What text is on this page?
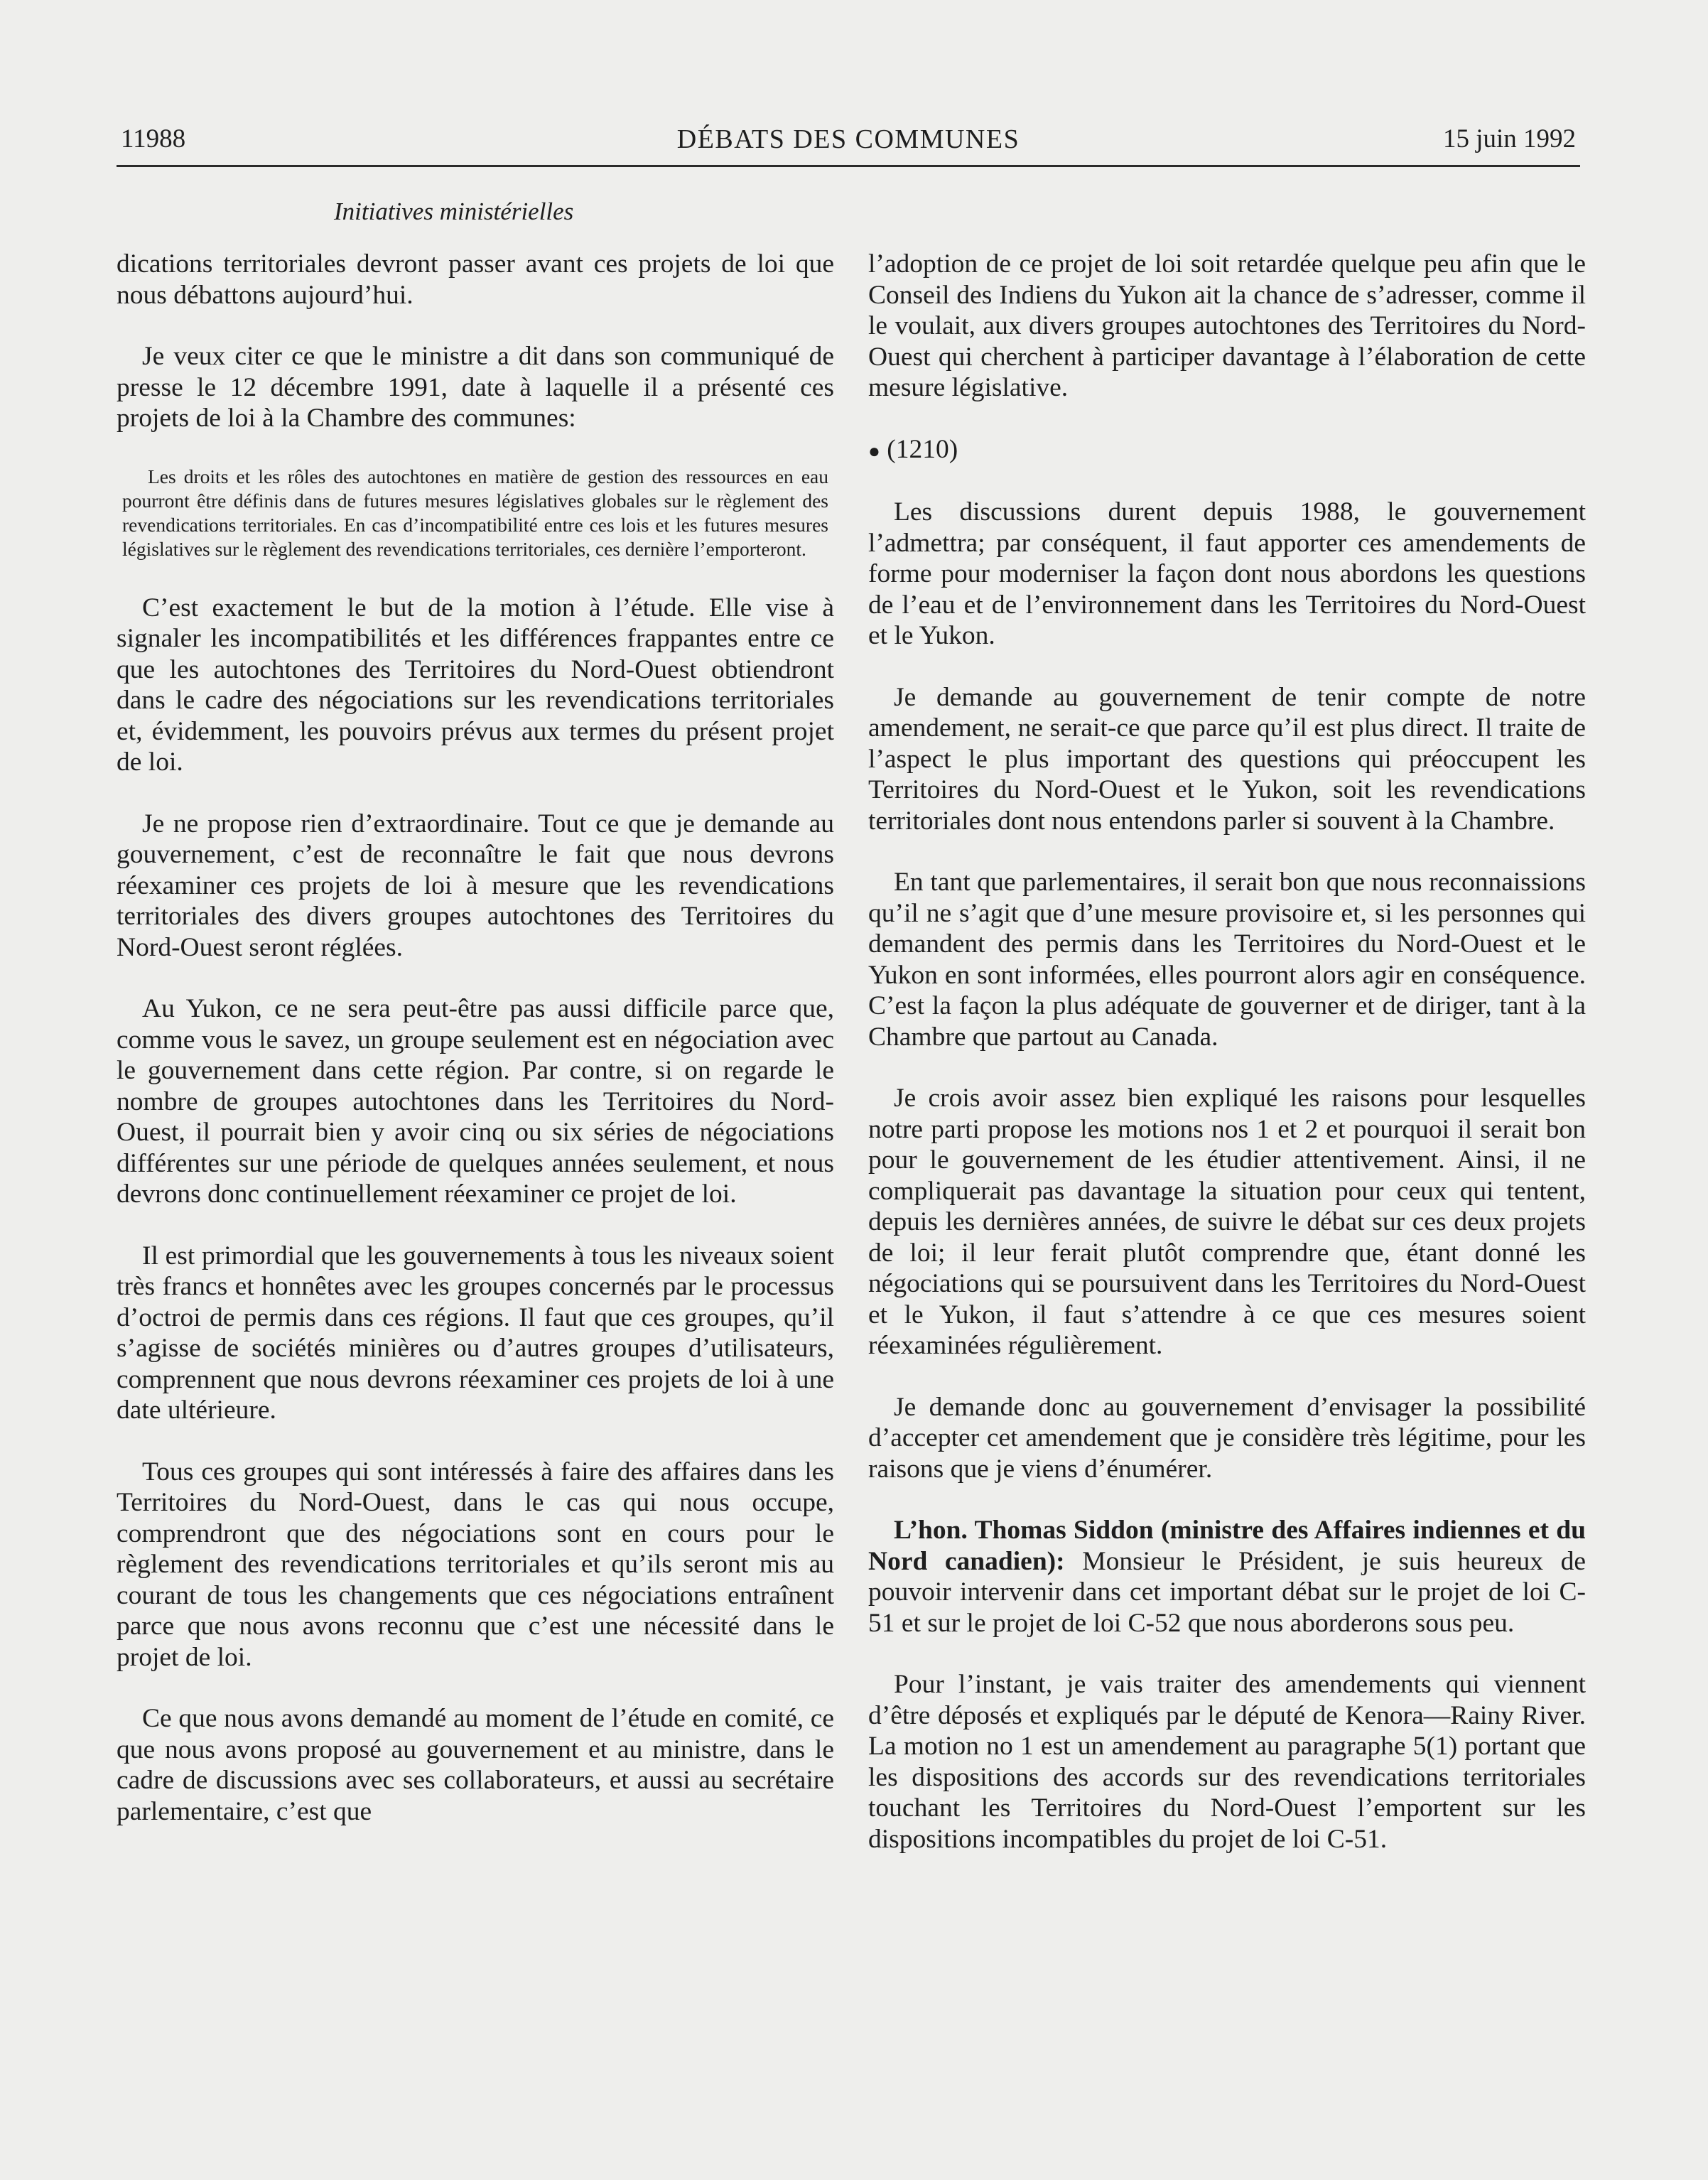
11988	DÉBATS DES COMMUNES	15 juin 1992
Initiatives ministérielles

dications territoriales devront passer avant ces projets de loi que nous débattons aujourd’hui.

Je veux citer ce que le ministre a dit dans son communiqué de presse le 12 décembre 1991, date à laquelle il a présenté ces projets de loi à la Chambre des communes:

Les droits et les rôles des autochtones en matière de gestion des ressources en eau pourront être définis dans de futures mesures législatives globales sur le règlement des revendications territoriales. En cas d’incompatibilité entre ces lois et les futures mesures législatives sur le règlement des revendications territoriales, ces dernière l’emporteront.

C’est exactement le but de la motion à l’étude. Elle vise à signaler les incompatibilités et les différences frappantes entre ce que les autochtones des Territoires du Nord-Ouest obtiendront dans le cadre des négociations sur les revendications territoriales et, évidemment, les pouvoirs prévus aux termes du présent projet de loi.

Je ne propose rien d’extraordinaire. Tout ce que je demande au gouvernement, c’est de reconnaître le fait que nous devrons réexaminer ces projets de loi à mesure que les revendications territoriales des divers groupes autochtones des Territoires du Nord-Ouest seront réglées.

Au Yukon, ce ne sera peut-être pas aussi difficile parce que, comme vous le savez, un groupe seulement est en négociation avec le gouvernement dans cette région. Par contre, si on regarde le nombre de groupes autochtones dans les Territoires du Nord-Ouest, il pourrait bien y avoir cinq ou six séries de négociations différentes sur une période de quelques années seulement, et nous devrons donc continuellement réexaminer ce projet de loi.

Il est primordial que les gouvernements à tous les niveaux soient très francs et honnêtes avec les groupes concernés par le processus d’octroi de permis dans ces régions. Il faut que ces groupes, qu’il s’agisse de sociétés minières ou d’autres groupes d’utilisateurs, comprennent que nous devrons réexaminer ces projets de loi à une date ultérieure.

Tous ces groupes qui sont intéressés à faire des affaires dans les Territoires du Nord-Ouest, dans le cas qui nous occupe, comprendront que des négociations sont en cours pour le règlement des revendications territoriales et qu’ils seront mis au courant de tous les changements que ces négociations entraînent parce que nous avons reconnu que c’est une nécessité dans le projet de loi.

Ce que nous avons demandé au moment de l’étude en comité, ce que nous avons proposé au gouvernement et au ministre, dans le cadre de discussions avec ses collaborateurs, et aussi au secrétaire parlementaire, c’est que

l’adoption de ce projet de loi soit retardée quelque peu afin que le Conseil des Indiens du Yukon ait la chance de s’adresser, comme il le voulait, aux divers groupes autochtones des Territoires du Nord-Ouest qui cherchent à participer davantage à l’élaboration de cette mesure législative.

● (1210)

Les discussions durent depuis 1988, le gouvernement l’admettra; par conséquent, il faut apporter ces amendements de forme pour moderniser la façon dont nous abordons les questions de l’eau et de l’environnement dans les Territoires du Nord-Ouest et le Yukon.

Je demande au gouvernement de tenir compte de notre amendement, ne serait-ce que parce qu’il est plus direct. Il traite de l’aspect le plus important des questions qui préoccupent les Territoires du Nord-Ouest et le Yukon, soit les revendications territoriales dont nous entendons parler si souvent à la Chambre.

En tant que parlementaires, il serait bon que nous reconnaissions qu’il ne s’agit que d’une mesure provisoire et, si les personnes qui demandent des permis dans les Territoires du Nord-Ouest et le Yukon en sont informées, elles pourront alors agir en conséquence. C’est la façon la plus adéquate de gouverner et de diriger, tant à la Chambre que partout au Canada.

Je crois avoir assez bien expliqué les raisons pour lesquelles notre parti propose les motions nos 1 et 2 et pourquoi il serait bon pour le gouvernement de les étudier attentivement. Ainsi, il ne compliquerait pas davantage la situation pour ceux qui tentent, depuis les dernières années, de suivre le débat sur ces deux projets de loi; il leur ferait plutôt comprendre que, étant donné les négociations qui se poursuivent dans les Territoires du Nord-Ouest et le Yukon, il faut s’attendre à ce que ces mesures soient réexaminées régulièrement.

Je demande donc au gouvernement d’envisager la possibilité d’accepter cet amendement que je considère très légitime, pour les raisons que je viens d’énumérer.

L’hon. Thomas Siddon (ministre des Affaires indiennes et du Nord canadien): Monsieur le Président, je suis heureux de pouvoir intervenir dans cet important débat sur le projet de loi C-51 et sur le projet de loi C-52 que nous aborderons sous peu.

Pour l’instant, je vais traiter des amendements qui viennent d’être déposés et expliqués par le député de Kenora—Rainy River. La motion no 1 est un amendement au paragraphe 5(1) portant que les dispositions des accords sur des revendications territoriales touchant les Territoires du Nord-Ouest l’emportent sur les dispositions incompatibles du projet de loi C-51.
